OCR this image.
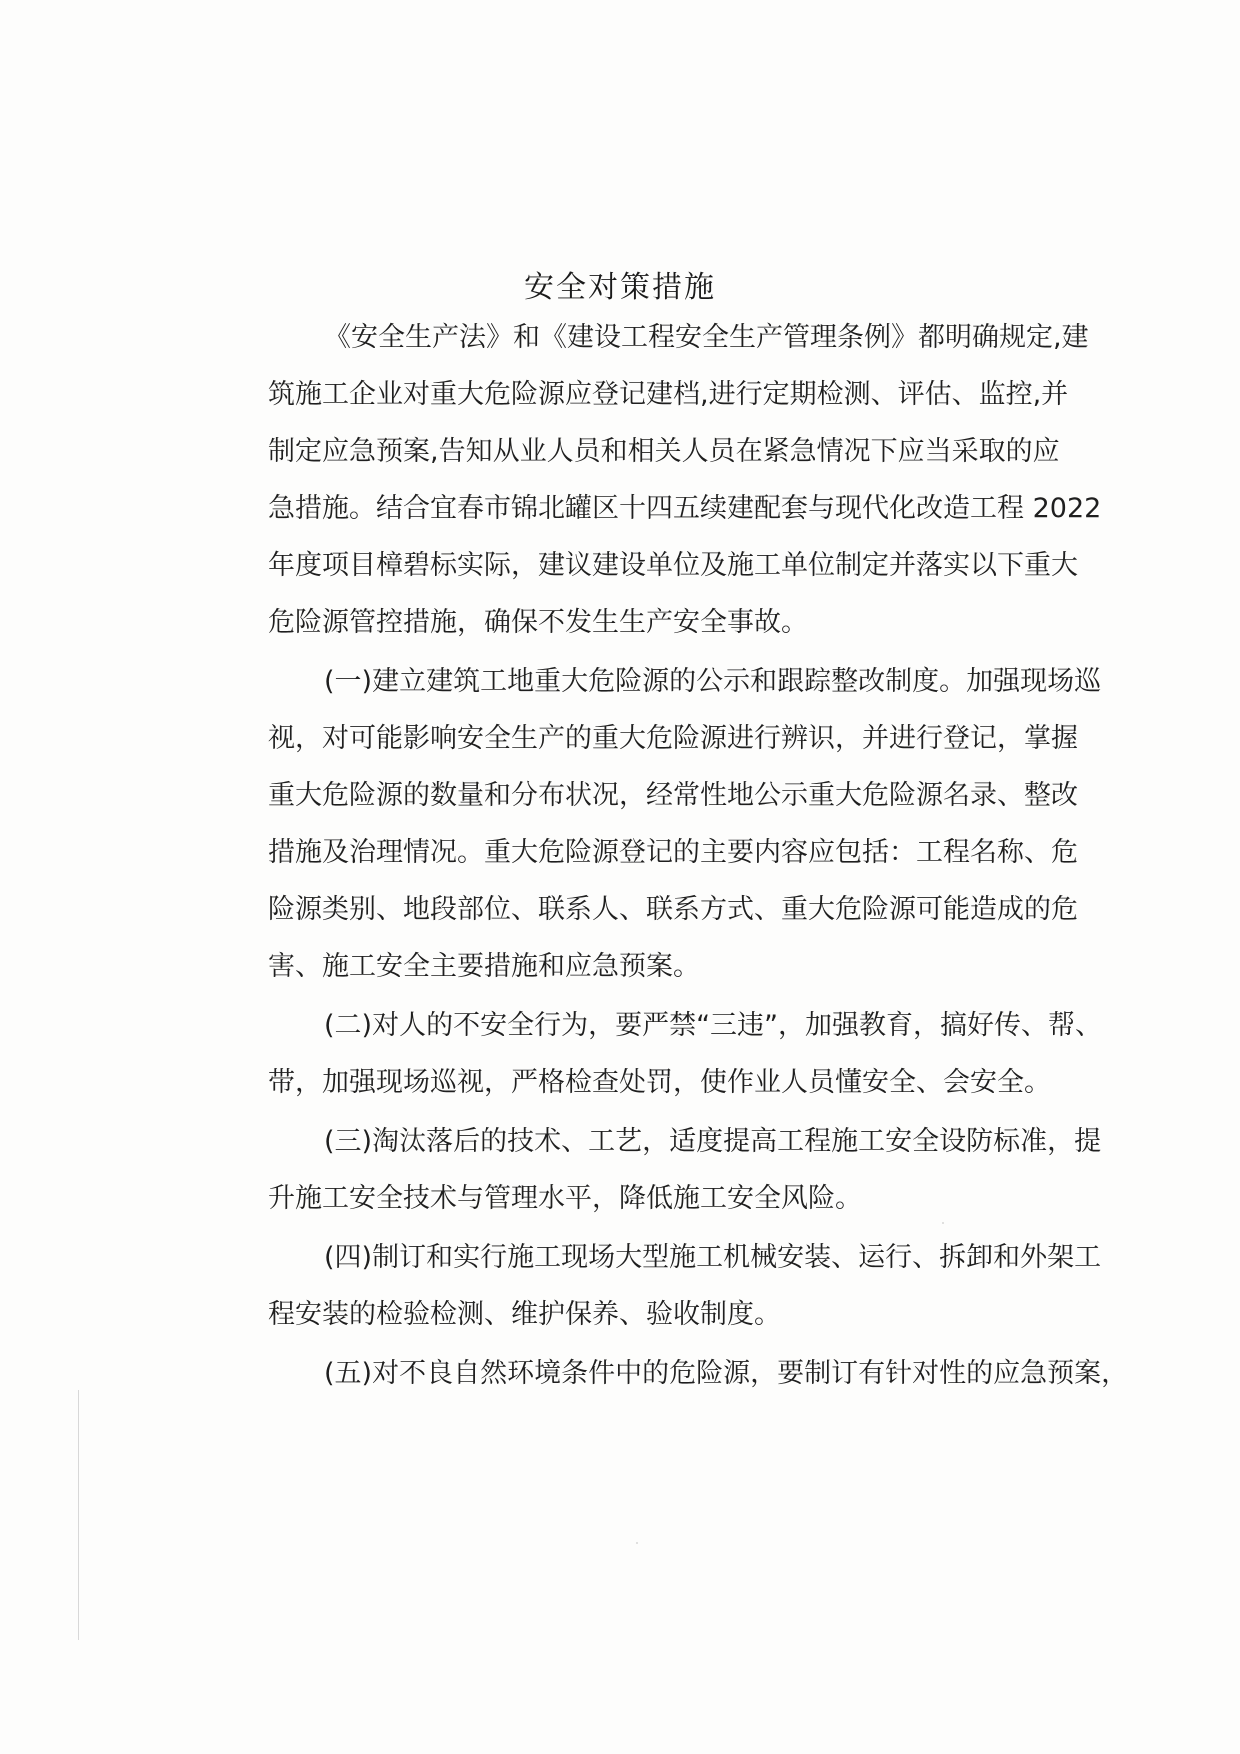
安全对策措施
《安全生产法》和《建设工程安全生产管理条例》都明确规定,建
筑施工企业对重大危险源应登记建档,进行定期检测、评估、监控,并
制定应急预案,告知从业人员和相关人员在紧急情况下应当采取的应
急措施。结合宜春市锦北罐区十四五续建配套与现代化改造工程 2022
年度项目樟碧标实际，建议建设单位及施工单位制定并落实以下重大
危险源管控措施，确保不发生生产安全事故。
(一)建立建筑工地重大危险源的公示和跟踪整改制度。加强现场巡
视，对可能影响安全生产的重大危险源进行辨识，并进行登记，掌握
重大危险源的数量和分布状况，经常性地公示重大危险源名录、整改
措施及治理情况。重大危险源登记的主要内容应包括：工程名称、危
险源类别、地段部位、联系人、联系方式、重大危险源可能造成的危
害、施工安全主要措施和应急预案。
(二)对人的不安全行为，要严禁“三违”，加强教育，搞好传、帮、
带，加强现场巡视，严格检查处罚，使作业人员懂安全、会安全。
(三)淘汰落后的技术、工艺，适度提高工程施工安全设防标准，提
升施工安全技术与管理水平，降低施工安全风险。
(四)制订和实行施工现场大型施工机械安装、运行、拆卸和外架工
程安装的检验检测、维护保养、验收制度。
(五)对不良自然环境条件中的危险源，要制订有针对性的应急预案，
